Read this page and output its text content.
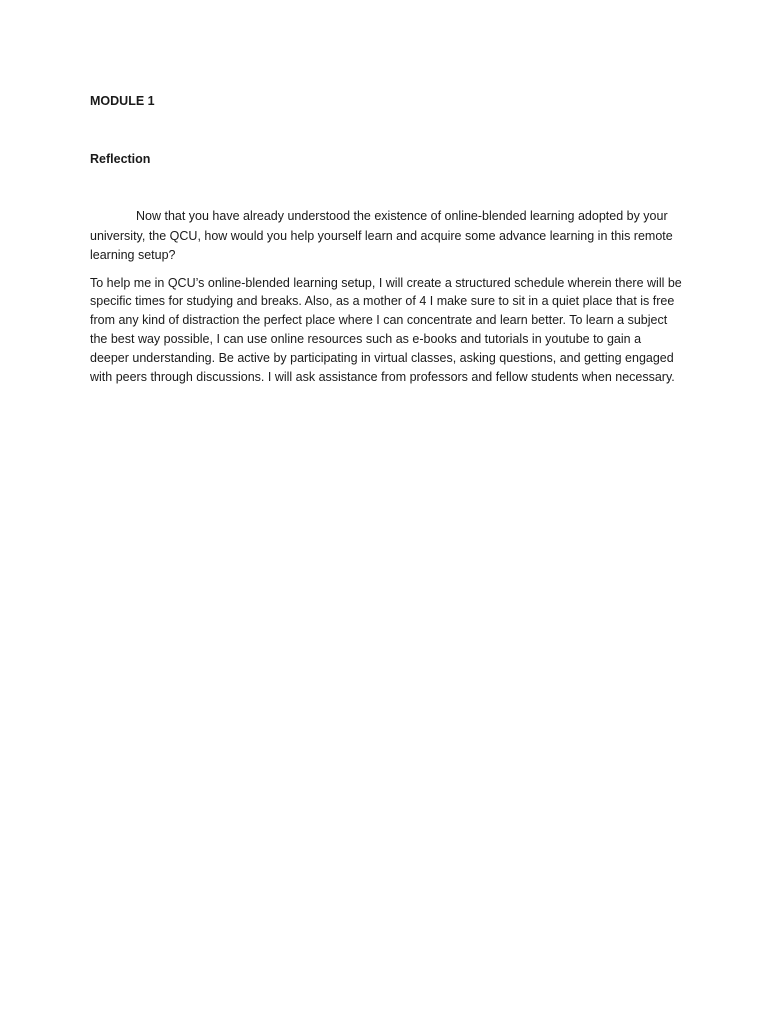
MODULE 1

Reflection

Now that you have already understood the existence of online-blended learning adopted by your university, the QCU, how would you help yourself learn and acquire some advance learning in this remote learning setup?

To help me in QCU’s online-blended learning setup, I will create a structured schedule wherein there will be specific times for studying and breaks. Also, as a mother of 4 I make sure to sit in a quiet place that is free from any kind of distraction the perfect place where I can concentrate and learn better. To learn a subject the best way possible, I can use online resources such as e-books and tutorials in youtube to gain a deeper understanding. Be active by participating in virtual classes, asking questions, and getting engaged with peers through discussions. I will ask assistance from professors and fellow students when necessary.
